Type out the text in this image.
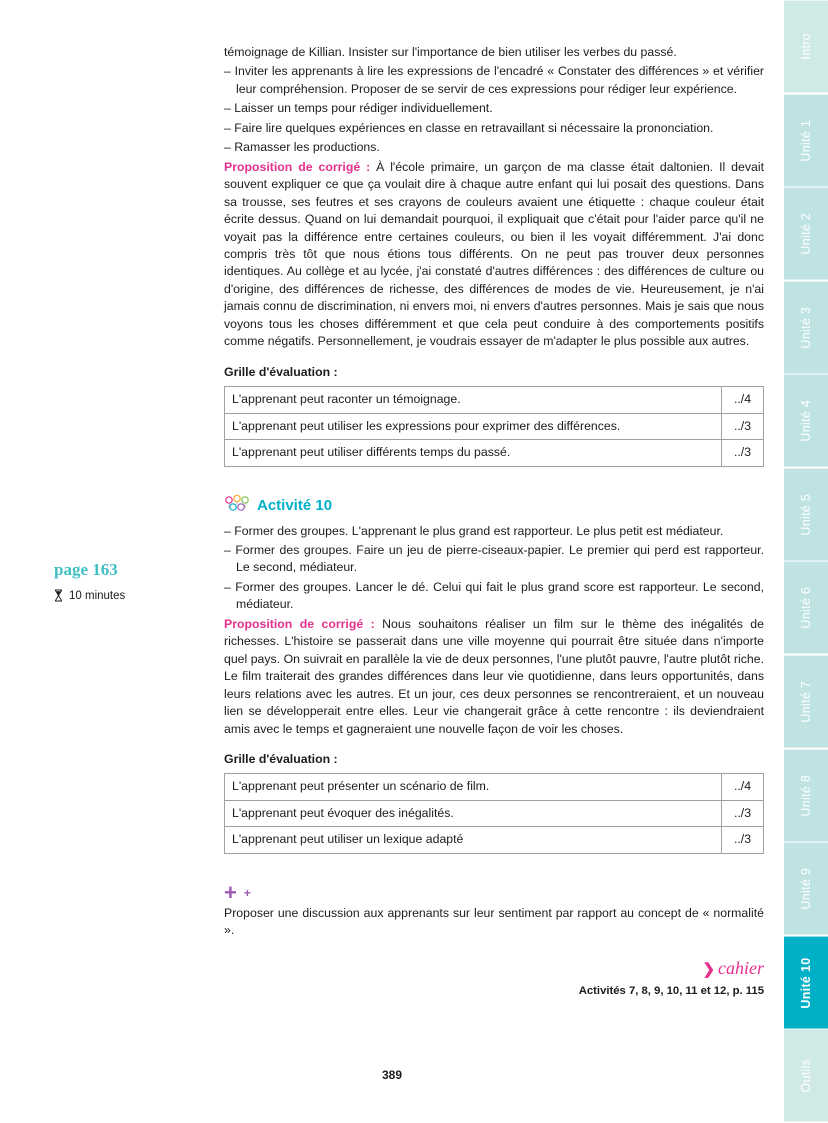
page 163
10 minutes

témoignage de Killian. Insister sur l'importance de bien utiliser les verbes du passé.

– Inviter les apprenants à lire les expressions de l'encadré « Constater des différences » et vérifier leur compréhension. Proposer de se servir de ces expressions pour rédiger leur expérience.

– Laisser un temps pour rédiger individuellement.

– Faire lire quelques expériences en classe en retravaillant si nécessaire la prononciation.

– Ramasser les productions.

Proposition de corrigé : À l'école primaire, un garçon de ma classe était daltonien. Il devait souvent expliquer ce que ça voulait dire à chaque autre enfant qui lui posait des questions. Dans sa trousse, ses feutres et ses crayons de couleurs avaient une étiquette : chaque couleur était écrite dessus. Quand on lui demandait pourquoi, il expliquait que c'était pour l'aider parce qu'il ne voyait pas la différence entre certaines couleurs, ou bien il les voyait différemment. J'ai donc compris très tôt que nous étions tous différents. On ne peut pas trouver deux personnes identiques. Au collège et au lycée, j'ai constaté d'autres différences : des différences de culture ou d'origine, des différences de richesse, des différences de modes de vie. Heureusement, je n'ai jamais connu de discrimination, ni envers moi, ni envers d'autres personnes. Mais je sais que nous voyons tous les choses différemment et que cela peut conduire à des comportements positifs comme négatifs. Personnellement, je voudrais essayer de m'adapter le plus possible aux autres.

Grille d'évaluation :
L'apprenant peut raconter un témoignage.	../4
L'apprenant peut utiliser les expressions pour exprimer des différences.	../3
L'apprenant peut utiliser différents temps du passé.	../3
Activité 10

– Former des groupes. L'apprenant le plus grand est rapporteur. Le plus petit est médiateur.

– Former des groupes. Faire un jeu de pierre-ciseaux-papier. Le premier qui perd est rapporteur. Le second, médiateur.

– Former des groupes. Lancer le dé. Celui qui fait le plus grand score est rapporteur. Le second, médiateur.

Proposition de corrigé : Nous souhaitons réaliser un film sur le thème des inégalités de richesses. L'histoire se passerait dans une ville moyenne qui pourrait être située dans n'importe quel pays. On suivrait en parallèle la vie de deux personnes, l'une plutôt pauvre, l'autre plutôt riche. Le film traiterait des grandes différences dans leur vie quotidienne, dans leurs opportunités, dans leurs relations avec les autres. Et un jour, ces deux personnes se rencontreraient, et un nouveau lien se développerait entre elles. Leur vie changerait grâce à cette rencontre : ils deviendraient amis avec le temps et gagneraient une nouvelle façon de voir les choses.

Grille d'évaluation :
L'apprenant peut présenter un scénario de film.	../4
L'apprenant peut évoquer des inégalités.	../3
L'apprenant peut utiliser un lexique adapté	../3
+ +

Proposer une discussion aux apprenants sur leur sentiment par rapport au concept de « normalité ».

❯ cahier
Activités 7, 8, 9, 10, 11 et 12, p. 115
389
Intro
Unité 1
Unité 2
Unité 3
Unité 4
Unité 5
Unité 6
Unité 7
Unité 8
Unité 9
Unité 10
Outils
